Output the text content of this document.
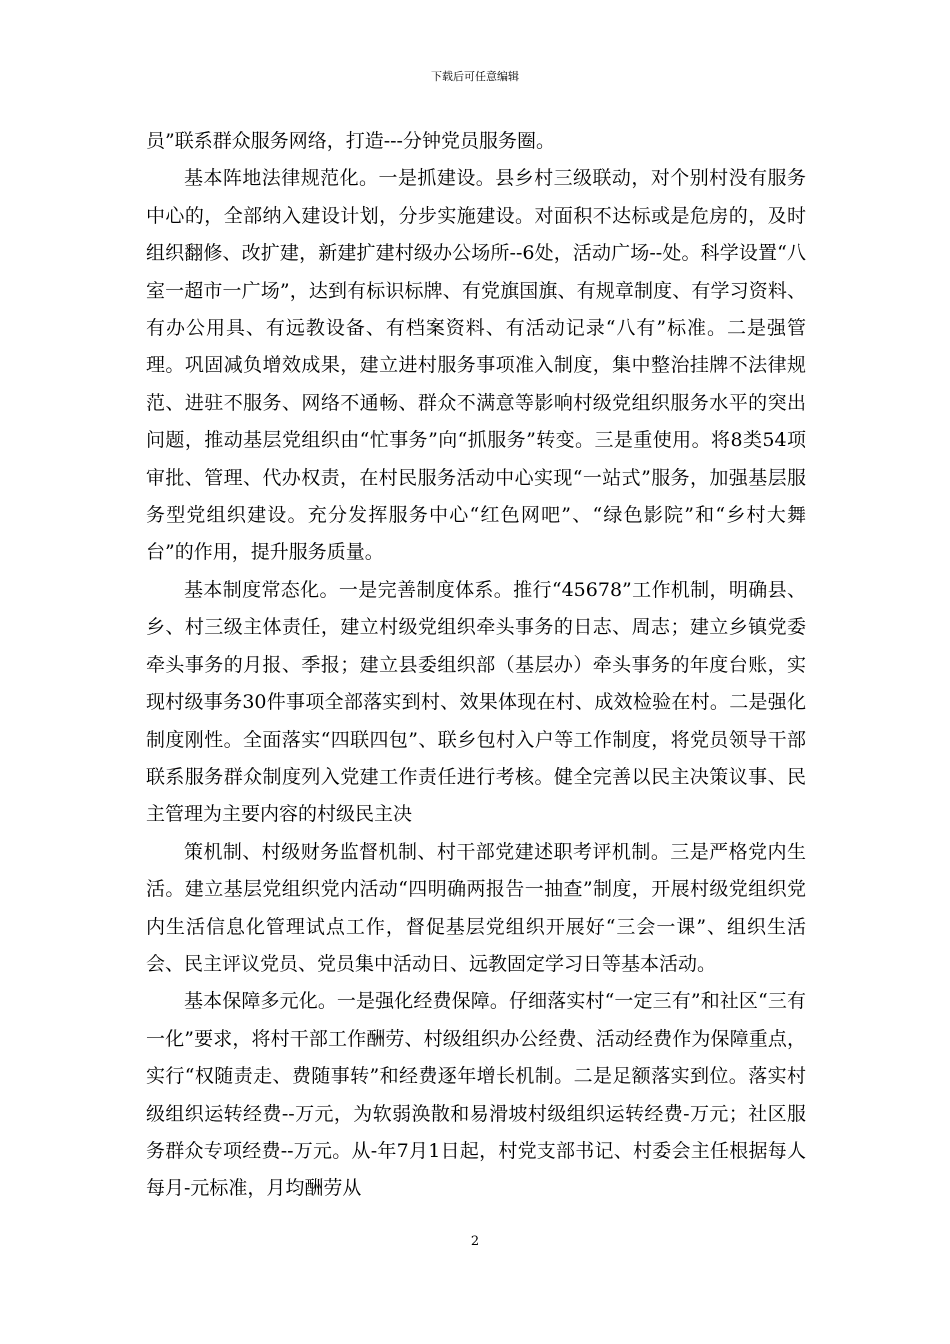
下载后可任意编辑

员”联系群众服务网络，打造---分钟党员服务圈。

基本阵地法律规范化。一是抓建设。县乡村三级联动，对个别村没有服务中心的，全部纳入建设计划，分步实施建设。对面积不达标或是危房的，及时组织翻修、改扩建，新建扩建村级办公场所--6处，活动广场--处。科学设置“八室一超市一广场”，达到有标识标牌、有党旗国旗、有规章制度、有学习资料、有办公用具、有远教设备、有档案资料、有活动记录“八有”标准。二是强管理。巩固减负增效成果，建立进村服务事项准入制度，集中整治挂牌不法律规范、进驻不服务、网络不通畅、群众不满意等影响村级党组织服务水平的突出问题，推动基层党组织由“忙事务”向“抓服务”转变。三是重使用。将8类54项审批、管理、代办权责，在村民服务活动中心实现“一站式”服务，加强基层服务型党组织建设。充分发挥服务中心“红色网吧”、“绿色影院”和“乡村大舞台”的作用，提升服务质量。

基本制度常态化。一是完善制度体系。推行“45678”工作机制，明确县、乡、村三级主体责任，建立村级党组织牵头事务的日志、周志；建立乡镇党委牵头事务的月报、季报；建立县委组织部（基层办）牵头事务的年度台账，实现村级事务30件事项全部落实到村、效果体现在村、成效检验在村。二是强化制度刚性。全面落实“四联四包”、联乡包村入户等工作制度，将党员领导干部联系服务群众制度列入党建工作责任进行考核。健全完善以民主决策议事、民主管理为主要内容的村级民主决

策机制、村级财务监督机制、村干部党建述职考评机制。三是严格党内生活。建立基层党组织党内活动“四明确两报告一抽查”制度，开展村级党组织党内生活信息化管理试点工作，督促基层党组织开展好“三会一课”、组织生活会、民主评议党员、党员集中活动日、远教固定学习日等基本活动。

基本保障多元化。一是强化经费保障。仔细落实村“一定三有”和社区“三有一化”要求，将村干部工作酬劳、村级组织办公经费、活动经费作为保障重点，实行“权随责走、费随事转”和经费逐年增长机制。二是足额落实到位。落实村级组织运转经费--万元，为软弱涣散和易滑坡村级组织运转经费-万元；社区服务群众专项经费--万元。从-年7月1日起，村党支部书记、村委会主任根据每人每月-元标准，月均酬劳从

2
